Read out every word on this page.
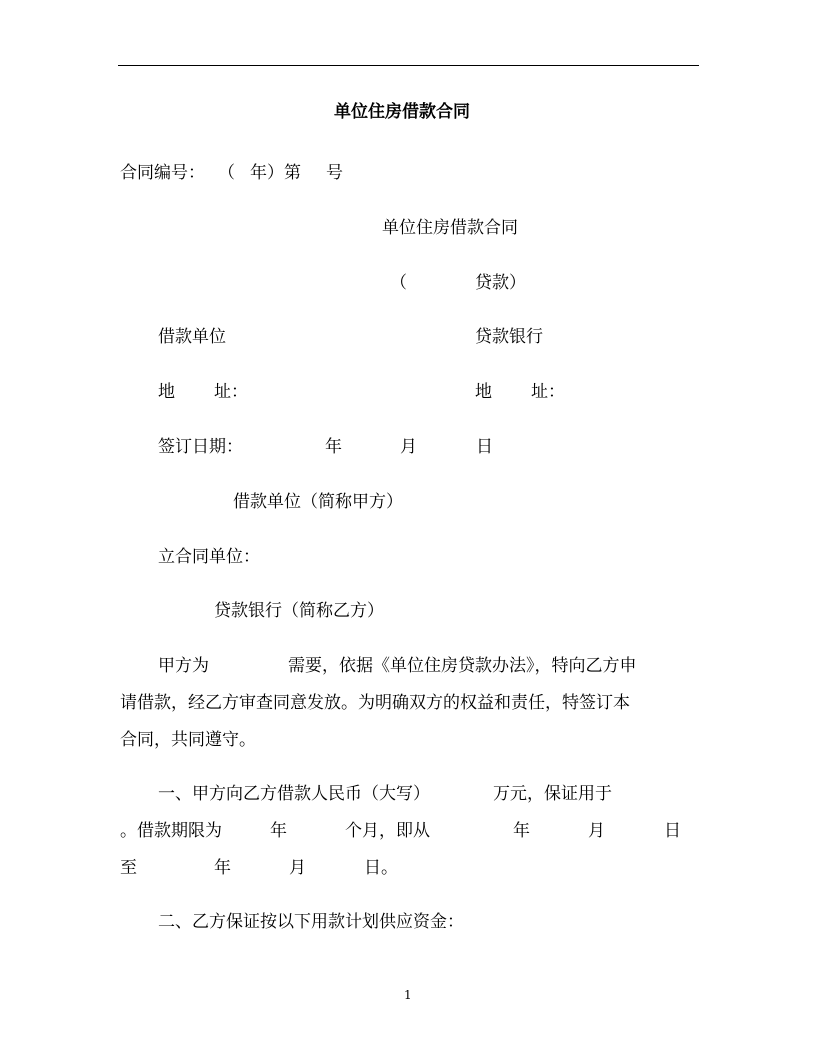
单位住房借款合同
合同编号： （ 年）第 号
单位住房借款合同
（	贷款）
借款单位	贷款银行
地 址：	地 址：
签订日期：	年	月	日
借款单位（简称甲方）
立合同单位：
贷款银行（简称乙方）
甲方为	需要，依据《单位住房贷款办法》，特向乙方申
请借款，经乙方审查同意发放。为明确双方的权益和责任，特签订本
合同，共同遵守。
一、甲方向乙方借款人民币（大写）	万元，保证用于
。借款期限为	年	个月，即从	年	月	日
至	年	月	日。
二、乙方保证按以下用款计划供应资金：
1
